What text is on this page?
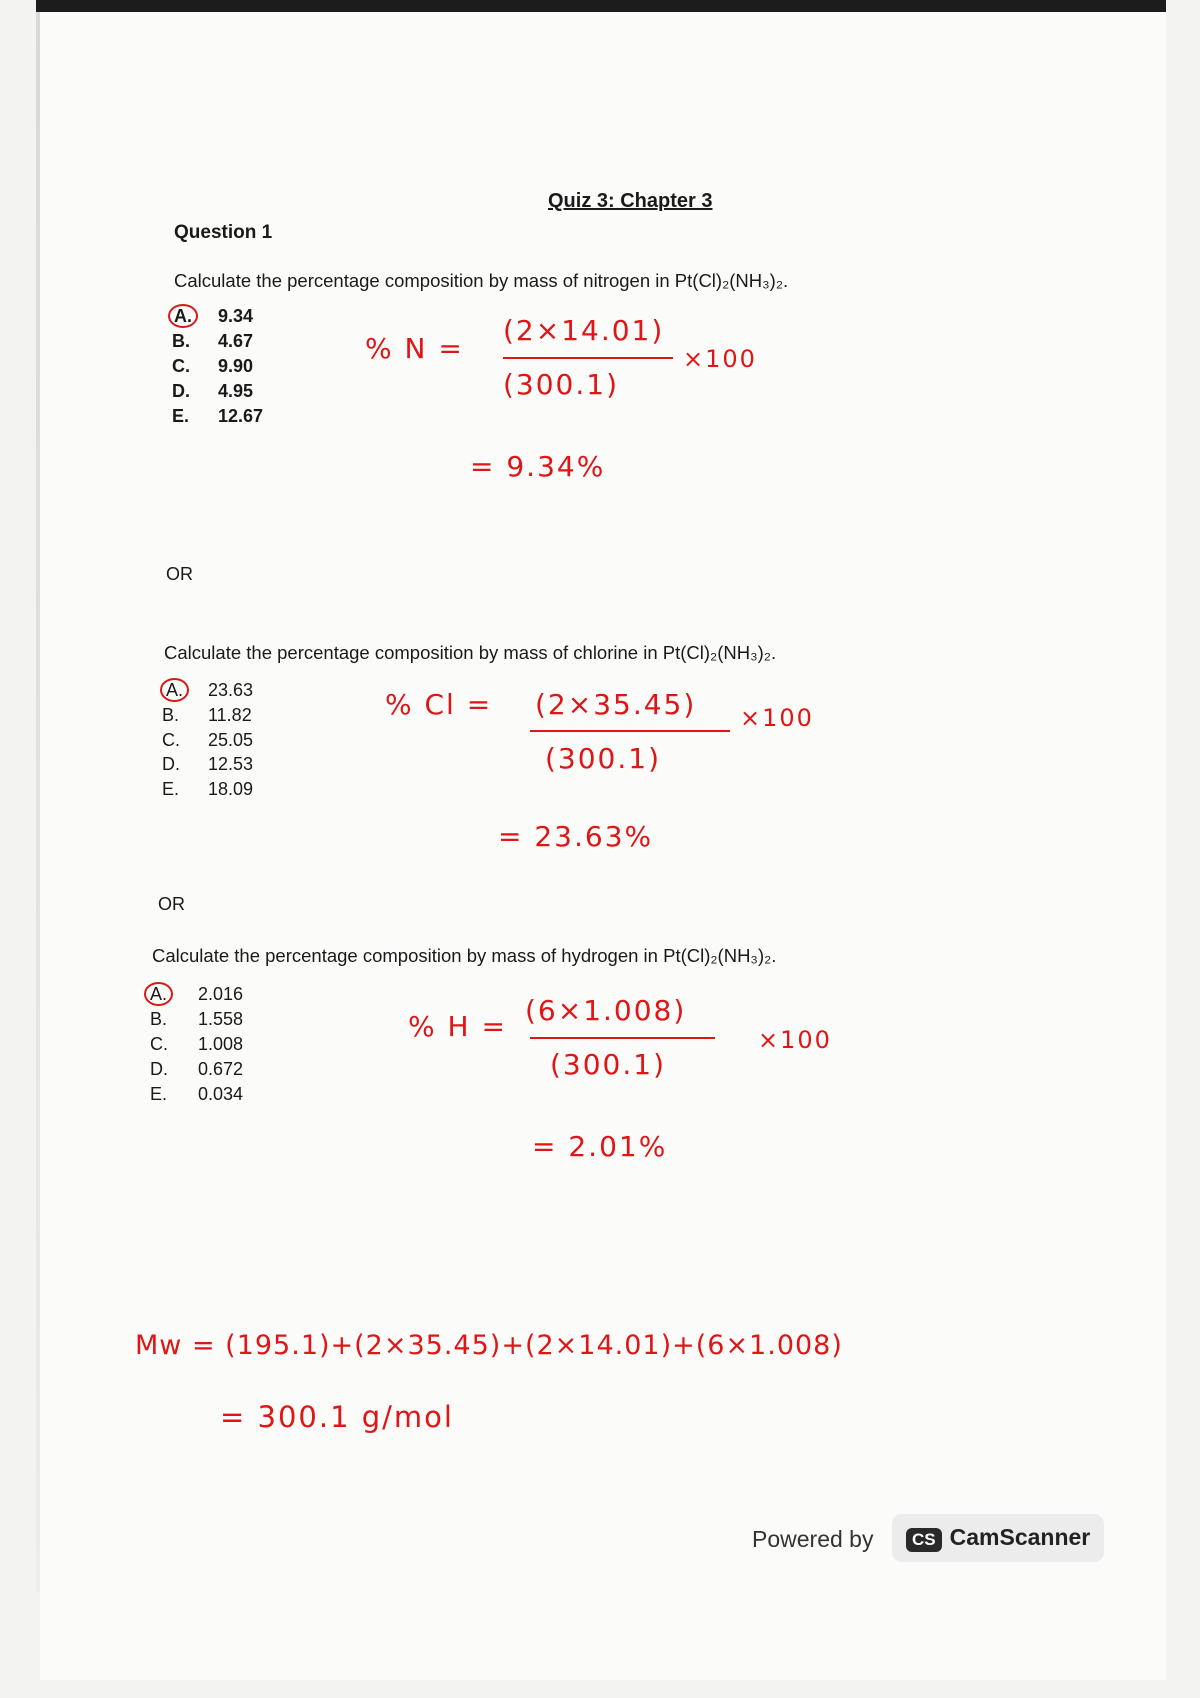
Quiz 3: Chapter 3
Question 1
Calculate the percentage composition by mass of nitrogen in Pt(Cl)₂(NH₃)₂.
A.	9.34
B. 4.67
C. 9.90
D. 4.95
E. 12.67
% N =
(2×14.01)
(300.1)
×100
= 9.34%
OR
Calculate the percentage composition by mass of chlorine in Pt(Cl)₂(NH₃)₂.
A.	23.63
B. 11.82
C. 25.05
D. 12.53
E. 18.09
% Cl = (2×35.45)
(300.1)
×100
= 23.63%
OR
Calculate the percentage composition by mass of hydrogen in Pt(Cl)₂(NH₃)₂.
A.	2.016
B. 1.558
C. 1.008
D. 0.672
E. 0.034
% H = (6×1.008)
(300.1)
×100
= 2.01%
Mw = (195.1)+(2×35.45)+(2×14.01)+(6×1.008)
= 300.1 g/mol
Powered by	CS CamScanner
